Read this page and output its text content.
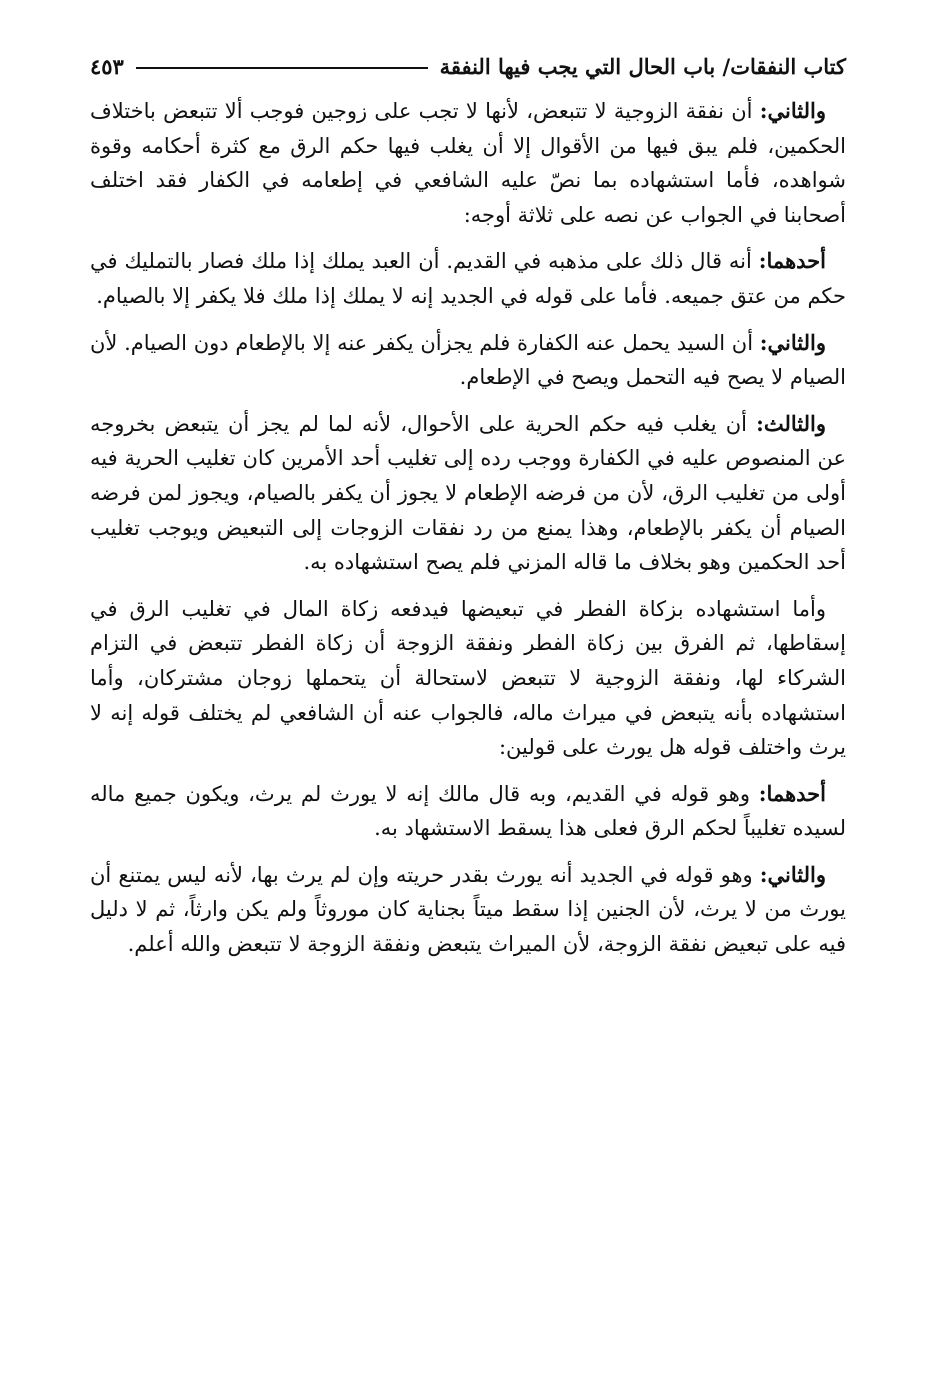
كتاب النفقات/ باب الحال التي يجب فيها النفقة
٤٥٣

والثاني: أن نفقة الزوجية لا تتبعض، لأنها لا تجب على زوجين فوجب ألا تتبعض باختلاف الحكمين، فلم يبق فيها من الأقوال إلا أن يغلب فيها حكم الرق مع كثرة أحكامه وقوة شواهده، فأما استشهاده بما نصّ عليه الشافعي في إطعامه في الكفار فقد اختلف أصحابنا في الجواب عن نصه على ثلاثة أوجه:

أحدهما: أنه قال ذلك على مذهبه في القديم. أن العبد يملك إذا ملك فصار بالتمليك في حكم من عتق جميعه. فأما على قوله في الجديد إنه لا يملك إذا ملك فلا يكفر إلا بالصيام.

والثاني: أن السيد يحمل عنه الكفارة فلم يجزأن يكفر عنه إلا بالإطعام دون الصيام. لأن الصيام لا يصح فيه التحمل ويصح في الإطعام.

والثالث: أن يغلب فيه حكم الحرية على الأحوال، لأنه لما لم يجز أن يتبعض بخروجه عن المنصوص عليه في الكفارة ووجب رده إلى تغليب أحد الأمرين كان تغليب الحرية فيه أولى من تغليب الرق، لأن من فرضه الإطعام لا يجوز أن يكفر بالصيام، ويجوز لمن فرضه الصيام أن يكفر بالإطعام، وهذا يمنع من رد نفقات الزوجات إلى التبعيض ويوجب تغليب أحد الحكمين وهو بخلاف ما قاله المزني فلم يصح استشهاده به.

وأما استشهاده بزكاة الفطر في تبعيضها فيدفعه زكاة المال في تغليب الرق في إسقاطها، ثم الفرق بين زكاة الفطر ونفقة الزوجة أن زكاة الفطر تتبعض في التزام الشركاء لها، ونفقة الزوجية لا تتبعض لاستحالة أن يتحملها زوجان مشتركان، وأما استشهاده بأنه يتبعض في ميراث ماله، فالجواب عنه أن الشافعي لم يختلف قوله إنه لا يرث واختلف قوله هل يورث على قولين:

أحدهما: وهو قوله في القديم، وبه قال مالك إنه لا يورث لم يرث، ويكون جميع ماله لسيده تغليباً لحكم الرق فعلى هذا يسقط الاستشهاد به.

والثاني: وهو قوله في الجديد أنه يورث بقدر حريته وإن لم يرث بها، لأنه ليس يمتنع أن يورث من لا يرث، لأن الجنين إذا سقط ميتاً بجناية كان موروثاً ولم يكن وارثاً، ثم لا دليل فيه على تبعيض نفقة الزوجة، لأن الميراث يتبعض ونفقة الزوجة لا تتبعض والله أعلم.
